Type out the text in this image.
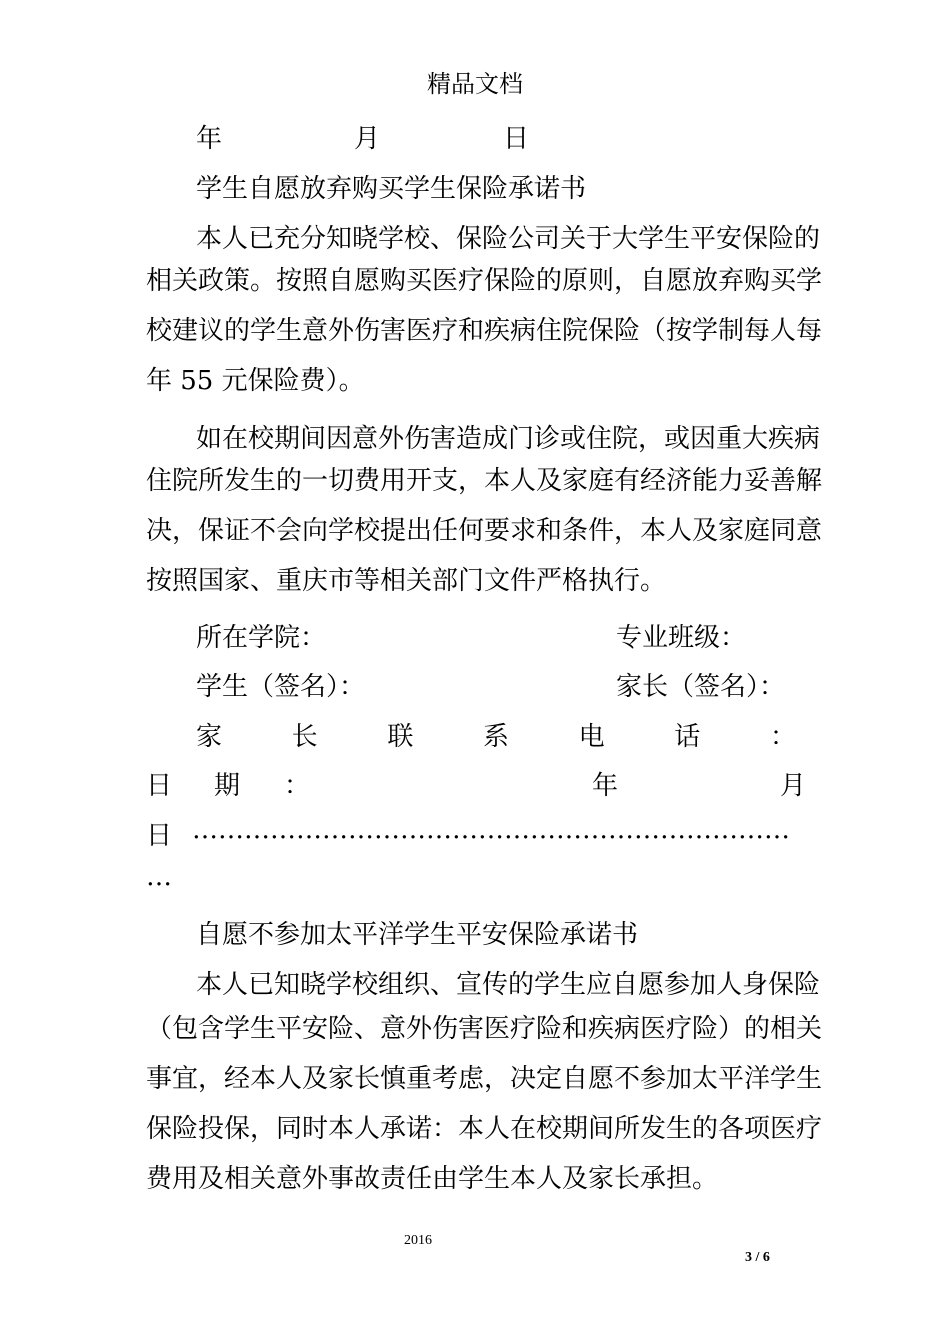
精品文档
年	月	日
学生自愿放弃购买学生保险承诺书
本人已充分知晓学校、保险公司关于大学生平安保险的
相关政策。按照自愿购买医疗保险的原则，自愿放弃购买学
校建议的学生意外伤害医疗和疾病住院保险（按学制每人每
年 55 元保险费）。
如在校期间因意外伤害造成门诊或住院，或因重大疾病
住院所发生的一切费用开支，本人及家庭有经济能力妥善解
决，保证不会向学校提出任何要求和条件，本人及家庭同意
按照国家、重庆市等相关部门文件严格执行。
所在学院：	专业班级：
学生（签名）：	家长（签名）：
家	长	联	系	电	话	：
日 期 ：	年	月
日 ……………………………………………………………
…
自愿不参加太平洋学生平安保险承诺书
本人已知晓学校组织、宣传的学生应自愿参加人身保险
（包含学生平安险、意外伤害医疗险和疾病医疗险）的相关
事宜，经本人及家长慎重考虑，决定自愿不参加太平洋学生
保险投保，同时本人承诺：本人在校期间所发生的各项医疗
费用及相关意外事故责任由学生本人及家长承担。
2016
3 / 6
